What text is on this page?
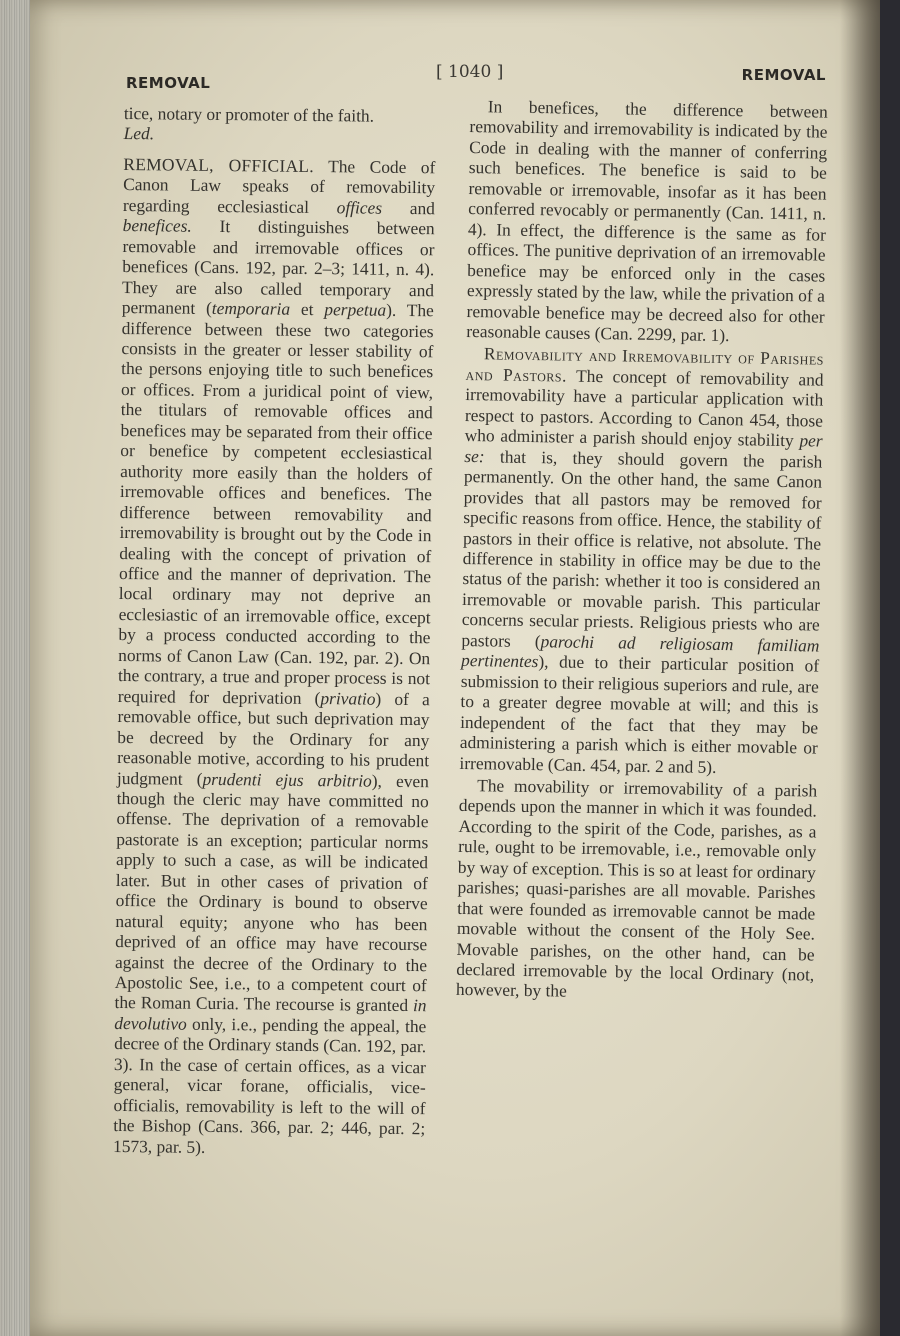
REMOVAL
[ 1040 ]	REMOVAL

tice, notary or promoter of the faith.
Led.

REMOVAL, OFFICIAL. The Code of Canon Law speaks of removability regarding ecclesiastical offices and benefices. It distinguishes between removable and irremovable offices or benefices (Cans. 192, par. 2–3; 1411, n. 4). They are also called temporary and permanent (temporaria et perpetua). The difference between these two categories consists in the greater or lesser stability of the persons enjoying title to such benefices or offices. From a juridical point of view, the titulars of removable offices and benefices may be separated from their office or benefice by competent ecclesiastical authority more easily than the holders of irremovable offices and benefices. The difference between removability and irremovability is brought out by the Code in dealing with the concept of privation of office and the manner of deprivation. The local ordinary may not deprive an ecclesiastic of an irremovable office, except by a process conducted according to the norms of Canon Law (Can. 192, par. 2). On the contrary, a true and proper process is not required for deprivation (privatio) of a removable office, but such deprivation may be decreed by the Ordinary for any reasonable motive, according to his prudent judgment (prudenti ejus arbitrio), even though the cleric may have committed no offense. The deprivation of a removable pastorate is an exception; particular norms apply to such a case, as will be indicated later. But in other cases of privation of office the Ordinary is bound to observe natural equity; anyone who has been deprived of an office may have recourse against the decree of the Ordinary to the Apostolic See, i.e., to a competent court of the Roman Curia. The recourse is granted in devolutivo only, i.e., pending the appeal, the decree of the Ordinary stands (Can. 192, par. 3). In the case of certain offices, as a vicar general, vicar forane, officialis, vice-officialis, removability is left to the will of the Bishop (Cans. 366, par. 2; 446, par. 2; 1573, par. 5).

In benefices, the difference between removability and irremovability is indicated by the Code in dealing with the manner of conferring such benefices. The benefice is said to be removable or irremovable, insofar as it has been conferred revocably or permanently (Can. 1411, n. 4). In effect, the difference is the same as for offices. The punitive deprivation of an irremovable benefice may be enforced only in the cases expressly stated by the law, while the privation of a removable benefice may be decreed also for other reasonable causes (Can. 2299, par. 1).

Removability and Irremovability of Parishes and Pastors. The concept of removability and irremovability have a particular application with respect to pastors. According to Canon 454, those who administer a parish should enjoy stability per se: that is, they should govern the parish permanently. On the other hand, the same Canon provides that all pastors may be removed for specific reasons from office. Hence, the stability of pastors in their office is relative, not absolute. The difference in stability in office may be due to the status of the parish: whether it too is considered an irremovable or movable parish. This particular concerns secular priests. Religious priests who are pastors (parochi ad religiosam familiam pertinentes), due to their particular position of submission to their religious superiors and rule, are to a greater degree movable at will; and this is independent of the fact that they may be administering a parish which is either movable or irremovable (Can. 454, par. 2 and 5).

The movability or irremovability of a parish depends upon the manner in which it was founded. According to the spirit of the Code, parishes, as a rule, ought to be irremovable, i.e., removable only by way of exception. This is so at least for ordinary parishes; quasi-parishes are all movable. Parishes that were founded as irremovable cannot be made movable without the consent of the Holy See. Movable parishes, on the other hand, can be declared irremovable by the local Ordinary (not, however, by the
